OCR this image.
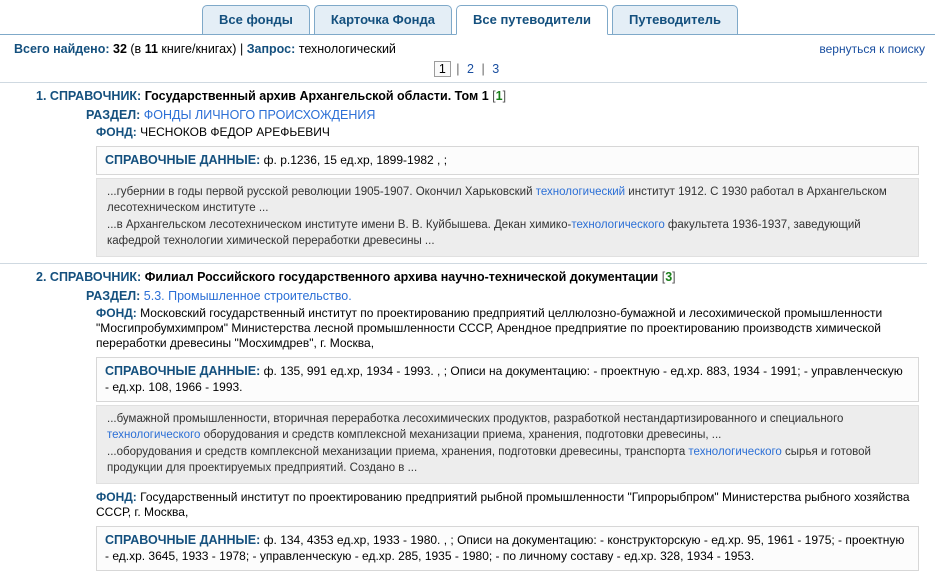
Все фонды	Карточка Фонда	Все путеводители	Путеводитель
Всего найдено: 32 (в 11 книге/книгах) | Запрос: технологический	вернуться к поиску
1 | 2 | 3
1. СПРАВОЧНИК: Государственный архив Архангельской области. Том 1 [1]
РАЗДЕЛ: ФОНДЫ ЛИЧНОГО ПРОИСХОЖДЕНИЯ
ФОНД: ЧЕСНОКОВ ФЕДОР АРЕФЬЕВИЧ
СПРАВОЧНЫЕ ДАННЫЕ: ф. р.1236, 15 ед.хр, 1899-1982 , ;

...губернии в годы первой русской революции 1905-1907. Окончил Харьковский технологический институт 1912. С 1930 работал в Архангельском лесотехническом институте ...

...в Архангельском лесотехническом институте имени В. В. Куйбышева. Декан химико-технологического факультета 1936-1937, заведующий кафедрой технологии химической переработки древесины ...

2. СПРАВОЧНИК: Филиал Российского государственного архива научно-технической документации [3]
РАЗДЕЛ: 5.3. Промышленное строительство.
ФОНД: Московский государственный институт по проектированию предприятий целлюлозно-бумажной и лесохимической промышленности "Мосгипробумхимпром" Министерства лесной промышленности СССР, Арендное предприятие по проектированию производств химической переработки древесины "Мосхимдрев", г. Москва,
СПРАВОЧНЫЕ ДАННЫЕ: ф. 135, 991 ед.хр, 1934 - 1993. , ; Описи на документацию: - проектную - ед.хр. 883, 1934 - 1991; - управленческую - ед.хр. 108, 1966 - 1993.

...бумажной промышленности, вторичная переработка лесохимических продуктов, разработкой нестандартизированного и специального технологического оборудования и средств комплексной механизации приема, хранения, подготовки древесины, ...

...оборудования и средств комплексной механизации приема, хранения, подготовки древесины, транспорта технологического сырья и готовой продукции для проектируемых предприятий. Создано в ...

ФОНД: Государственный институт по проектированию предприятий рыбной промышленности "Гипрорыбпром" Министерства рыбного хозяйства СССР, г. Москва,
СПРАВОЧНЫЕ ДАННЫЕ: ф. 134, 4353 ед.хр, 1933 - 1980. , ; Описи на документацию: - конструкторскую - ед.хр. 95, 1961 - 1975; - проектную - ед.хр. 3645, 1933 - 1978; - управленческую - ед.хр. 285, 1935 - 1980; - по личному составу - ед.хр. 328, 1934 - 1953.
